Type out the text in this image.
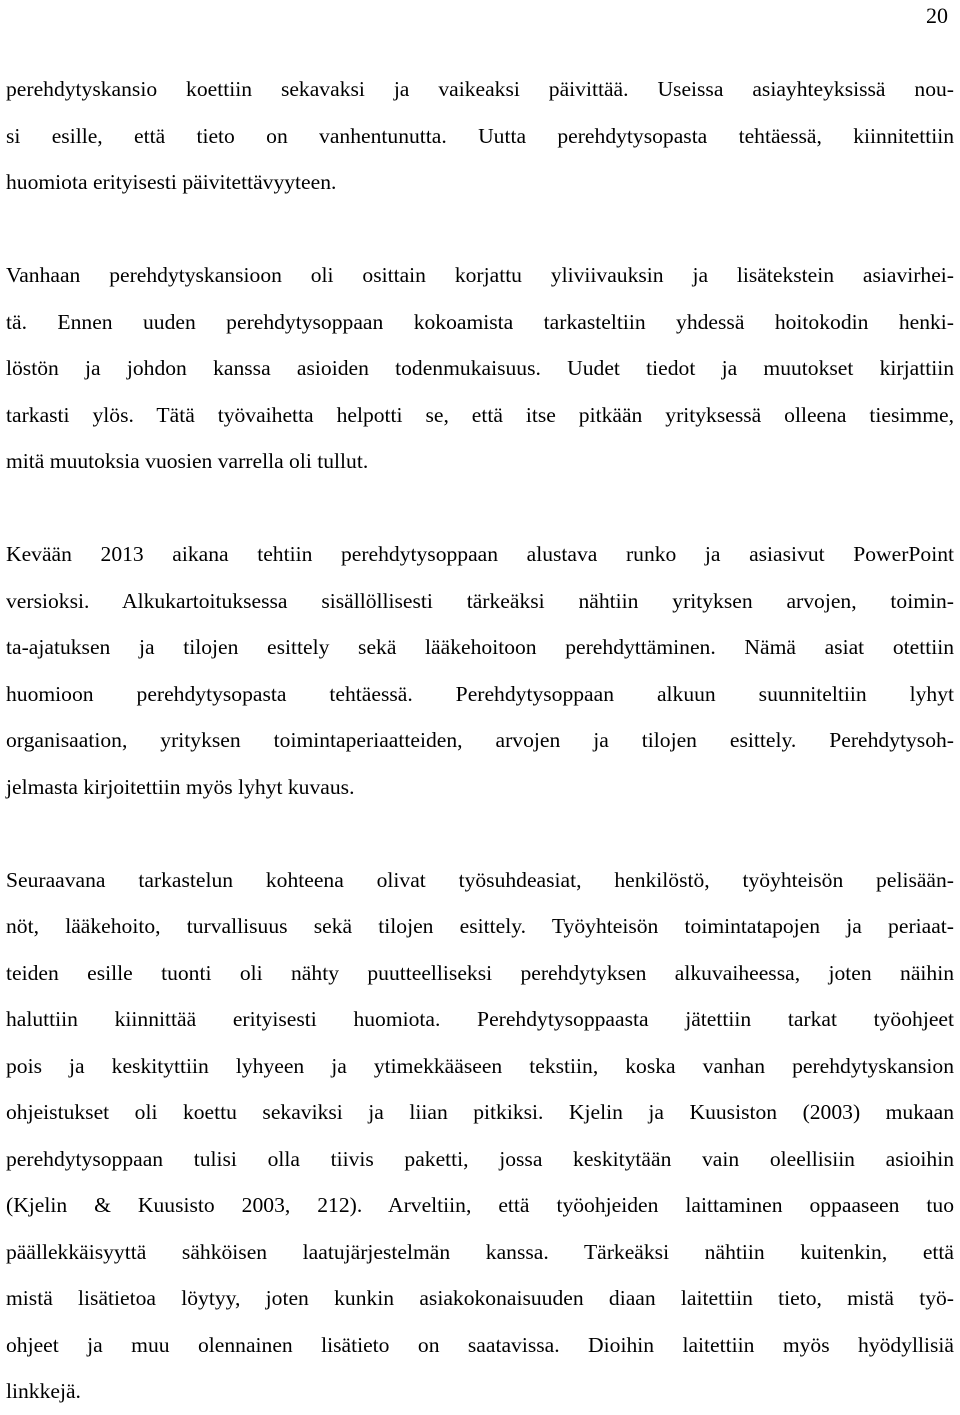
20

perehdytyskansio koettiin sekavaksi ja vaikeaksi päivittää. Useissa asiayhteyksissä nou-
si esille, että tieto on vanhentunutta. Uutta perehdytysopasta tehtäessä, kiinnitettiin
huomiota erityisesti päivitettävyyteen.

Vanhaan perehdytyskansioon oli osittain korjattu yliviivauksin ja lisätekstein asiavirhei-
tä. Ennen uuden perehdytysoppaan kokoamista tarkasteltiin yhdessä hoitokodin henki-
löstön ja johdon kanssa asioiden todenmukaisuus. Uudet tiedot ja muutokset kirjattiin
tarkasti ylös. Tätä työvaihetta helpotti se, että itse pitkään yrityksessä olleena tiesimme,
mitä muutoksia vuosien varrella oli tullut.

Kevään 2013 aikana tehtiin perehdytysoppaan alustava runko ja asiasivut PowerPoint
versioksi. Alkukartoituksessa sisällöllisesti tärkeäksi nähtiin yrityksen arvojen, toimin-
ta-ajatuksen ja tilojen esittely sekä lääkehoitoon perehdyttäminen. Nämä asiat otettiin
huomioon perehdytysopasta tehtäessä. Perehdytysoppaan alkuun suunniteltiin lyhyt
organisaation, yrityksen toimintaperiaatteiden, arvojen ja tilojen esittely. Perehdytysoh-
jelmasta kirjoitettiin myös lyhyt kuvaus.

Seuraavana tarkastelun kohteena olivat työsuhdeasiat, henkilöstö, työyhteisön pelisään-
nöt, lääkehoito, turvallisuus sekä tilojen esittely. Työyhteisön toimintatapojen ja periaat-
teiden esille tuonti oli nähty puutteelliseksi perehdytyksen alkuvaiheessa, joten näihin
haluttiin kiinnittää erityisesti huomiota. Perehdytysoppaasta jätettiin tarkat työohjeet
pois ja keskityttiin lyhyeen ja ytimekkääseen tekstiin, koska vanhan perehdytyskansion
ohjeistukset oli koettu sekaviksi ja liian pitkiksi. Kjelin ja Kuusiston (2003) mukaan
perehdytysoppaan tulisi olla tiivis paketti, jossa keskitytään vain oleellisiin asioihin
(Kjelin & Kuusisto 2003, 212). Arveltiin, että työohjeiden laittaminen oppaaseen tuo
päällekkäisyyttä sähköisen laatujärjestelmän kanssa. Tärkeäksi nähtiin kuitenkin, että
mistä lisätietoa löytyy, joten kunkin asiakokonaisuuden diaan laitettiin tieto, mistä työ-
ohjeet ja muu olennainen lisätieto on saatavissa. Dioihin laitettiin myös hyödyllisiä
linkkejä.
